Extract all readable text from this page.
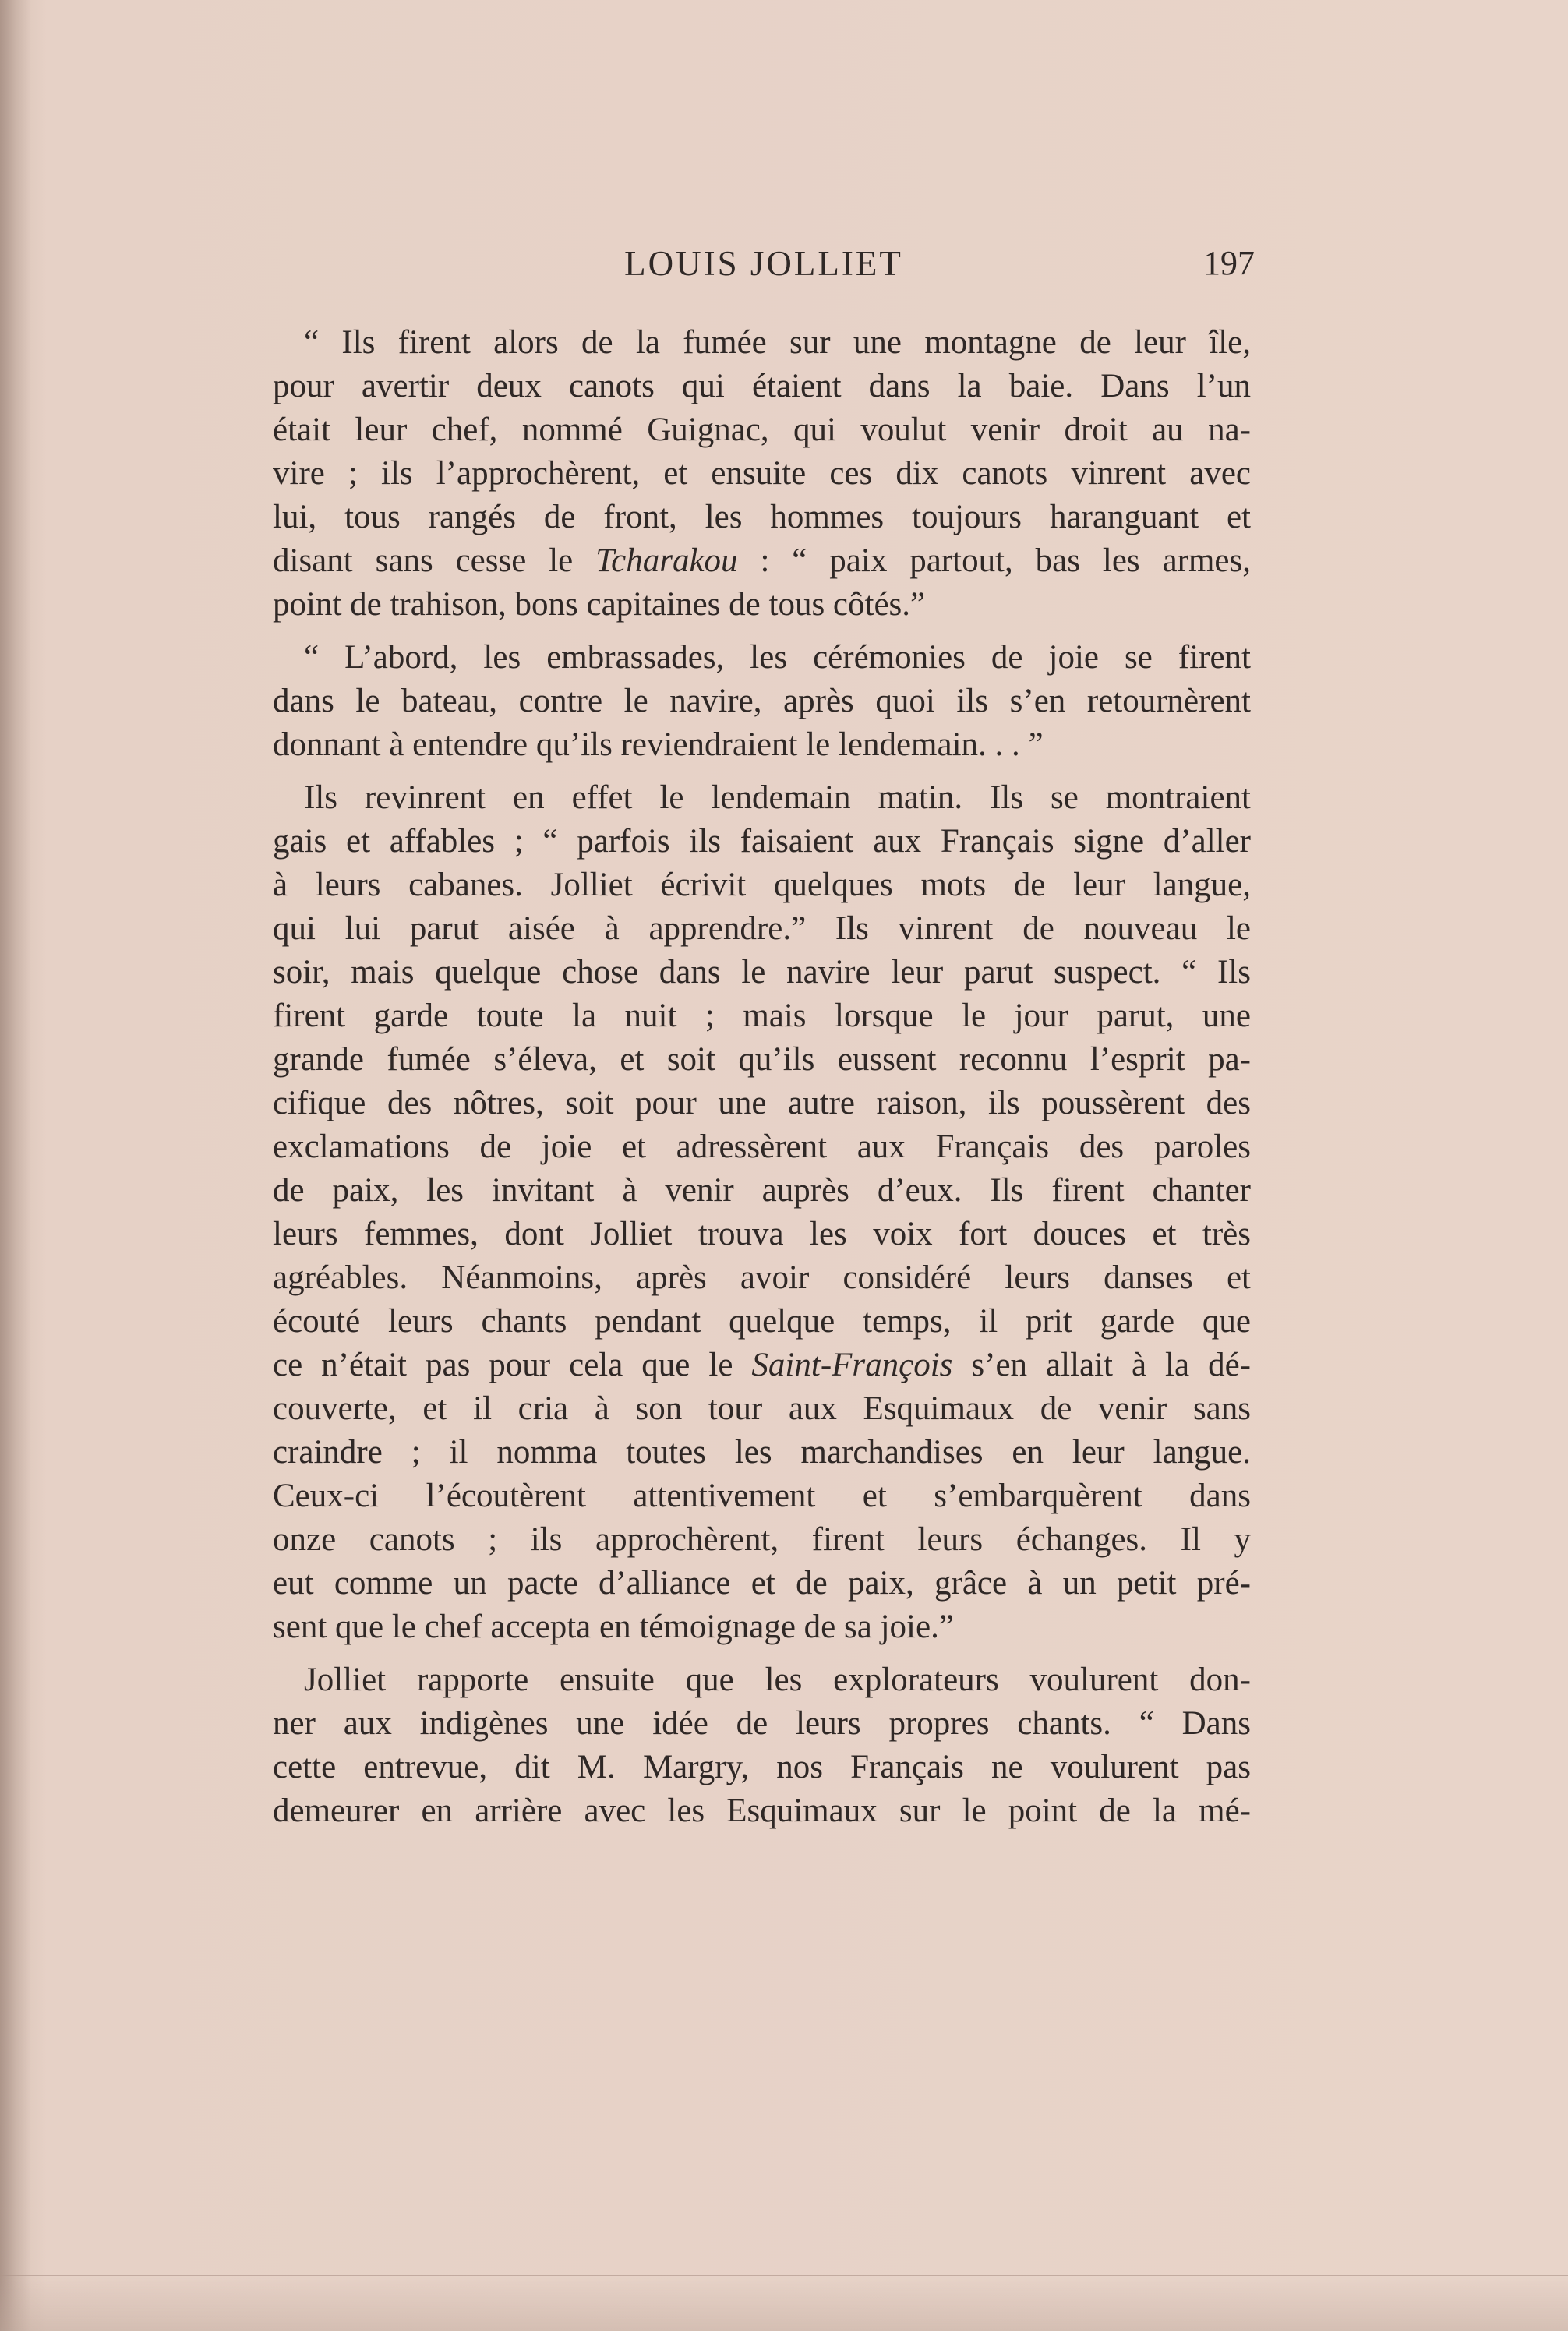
LOUIS JOLLIET	197
“ Ils firent alors de la fumée sur une montagne de leur île,
pour avertir deux canots qui étaient dans la baie. Dans l’un
était leur chef, nommé Guignac, qui voulut venir droit au na-
vire ; ils l’approchèrent, et ensuite ces dix canots vinrent avec
lui, tous rangés de front, les hommes toujours haranguant et
disant sans cesse le Tcharakou : “ paix partout, bas les armes,
point de trahison, bons capitaines de tous côtés.”
“ L’abord, les embrassades, les cérémonies de joie se firent
dans le bateau, contre le navire, après quoi ils s’en retournèrent
donnant à entendre qu’ils reviendraient le lendemain. . . ”
Ils revinrent en effet le lendemain matin. Ils se montraient
gais et affables ; “ parfois ils faisaient aux Français signe d’aller
à leurs cabanes. Jolliet écrivit quelques mots de leur langue,
qui lui parut aisée à apprendre.” Ils vinrent de nouveau le
soir, mais quelque chose dans le navire leur parut suspect. “ Ils
firent garde toute la nuit ; mais lorsque le jour parut, une
grande fumée s’éleva, et soit qu’ils eussent reconnu l’esprit pa-
cifique des nôtres, soit pour une autre raison, ils poussèrent des
exclamations de joie et adressèrent aux Français des paroles
de paix, les invitant à venir auprès d’eux. Ils firent chanter
leurs femmes, dont Jolliet trouva les voix fort douces et très
agréables. Néanmoins, après avoir considéré leurs danses et
écouté leurs chants pendant quelque temps, il prit garde que
ce n’était pas pour cela que le Saint-François s’en allait à la dé-
couverte, et il cria à son tour aux Esquimaux de venir sans
craindre ; il nomma toutes les marchandises en leur langue.
Ceux-ci l’écoutèrent attentivement et s’embarquèrent dans
onze canots ; ils approchèrent, firent leurs échanges. Il y
eut comme un pacte d’alliance et de paix, grâce à un petit pré-
sent que le chef accepta en témoignage de sa joie.”
Jolliet rapporte ensuite que les explorateurs voulurent don-
ner aux indigènes une idée de leurs propres chants. “ Dans
cette entrevue, dit M. Margry, nos Français ne voulurent pas
demeurer en arrière avec les Esquimaux sur le point de la mé-
